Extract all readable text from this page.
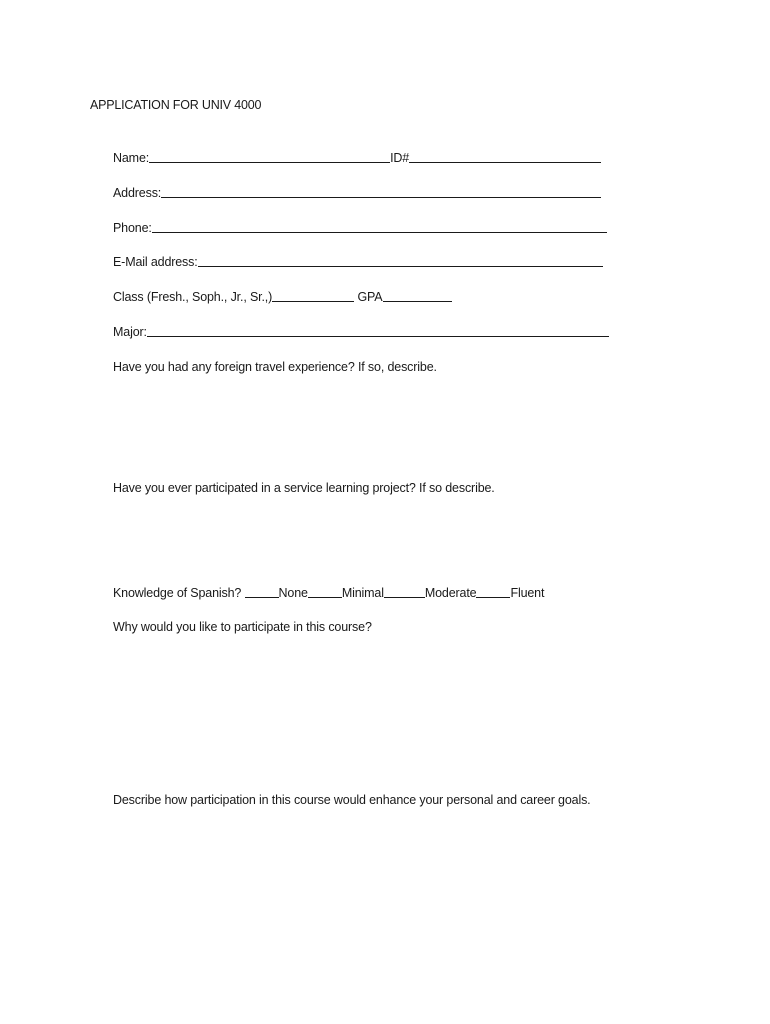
APPLICATION FOR UNIV 4000
Name:	ID#
Address:
Phone:
E-Mail address:
Class (Fresh., Soph., Jr., Sr.,)	GPA
Major:
Have you had any foreign travel experience? If so, describe.
Have you ever participated in a service learning project? If so describe.
Knowledge of Spanish?	None	Minimal	Moderate	Fluent
Why would you like to participate in this course?
Describe how participation in this course would enhance your personal and career goals.
